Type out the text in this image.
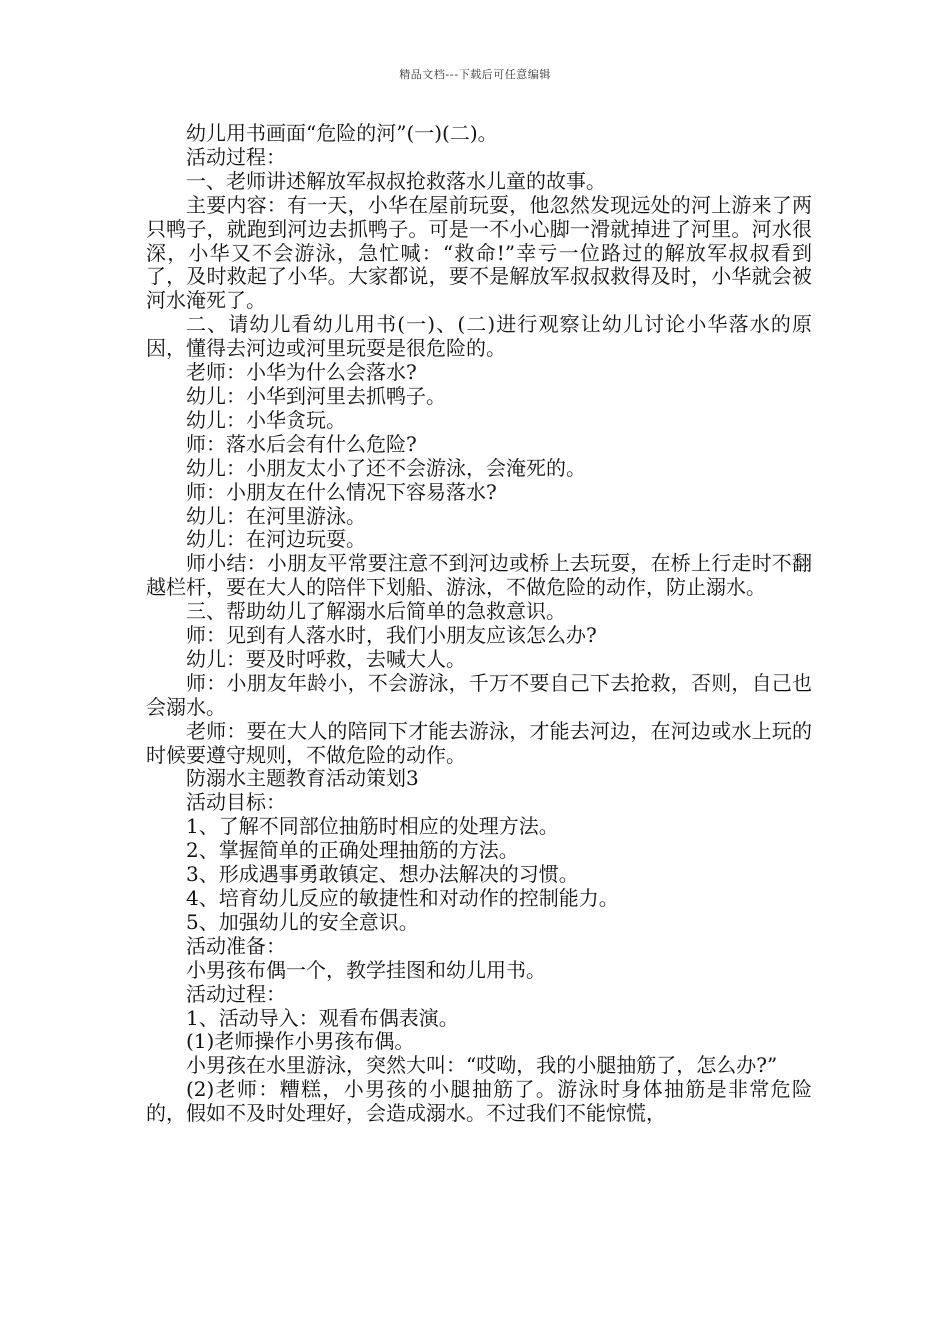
精品文档---下载后可任意编辑

幼儿用书画面“危险的河”(一)(二)。

活动过程：

一、老师讲述解放军叔叔抢救落水儿童的故事。

主要内容：有一天，小华在屋前玩耍，他忽然发现远处的河上游来了两只鸭子，就跑到河边去抓鸭子。可是一不小心脚一滑就掉进了河里。河水很深，小华又不会游泳，急忙喊：“救命!”幸亏一位路过的解放军叔叔看到了，及时救起了小华。大家都说，要不是解放军叔叔救得及时，小华就会被河水淹死了。

二、请幼儿看幼儿用书(一)、(二)进行观察让幼儿讨论小华落水的原因，懂得去河边或河里玩耍是很危险的。

老师：小华为什么会落水?

幼儿：小华到河里去抓鸭子。

幼儿：小华贪玩。

师：落水后会有什么危险?

幼儿：小朋友太小了还不会游泳，会淹死的。

师：小朋友在什么情况下容易落水?

幼儿：在河里游泳。

幼儿：在河边玩耍。

师小结：小朋友平常要注意不到河边或桥上去玩耍，在桥上行走时不翻越栏杆，要在大人的陪伴下划船、游泳，不做危险的动作，防止溺水。

三、帮助幼儿了解溺水后简单的急救意识。

师：见到有人落水时，我们小朋友应该怎么办?

幼儿：要及时呼救，去喊大人。

师：小朋友年龄小，不会游泳，千万不要自己下去抢救，否则，自己也会溺水。

老师：要在大人的陪同下才能去游泳，才能去河边，在河边或水上玩的时候要遵守规则，不做危险的动作。

防溺水主题教育活动策划3

活动目标：

1、了解不同部位抽筋时相应的处理方法。

2、掌握简单的正确处理抽筋的方法。

3、形成遇事勇敢镇定、想办法解决的习惯。

4、培育幼儿反应的敏捷性和对动作的控制能力。

5、加强幼儿的安全意识。

活动准备：

小男孩布偶一个，教学挂图和幼儿用书。

活动过程：

1、活动导入：观看布偶表演。

(1)老师操作小男孩布偶。

小男孩在水里游泳，突然大叫：“哎呦，我的小腿抽筋了，怎么办?”

(2)老师：糟糕，小男孩的小腿抽筋了。游泳时身体抽筋是非常危险的，假如不及时处理好，会造成溺水。不过我们不能惊慌，
